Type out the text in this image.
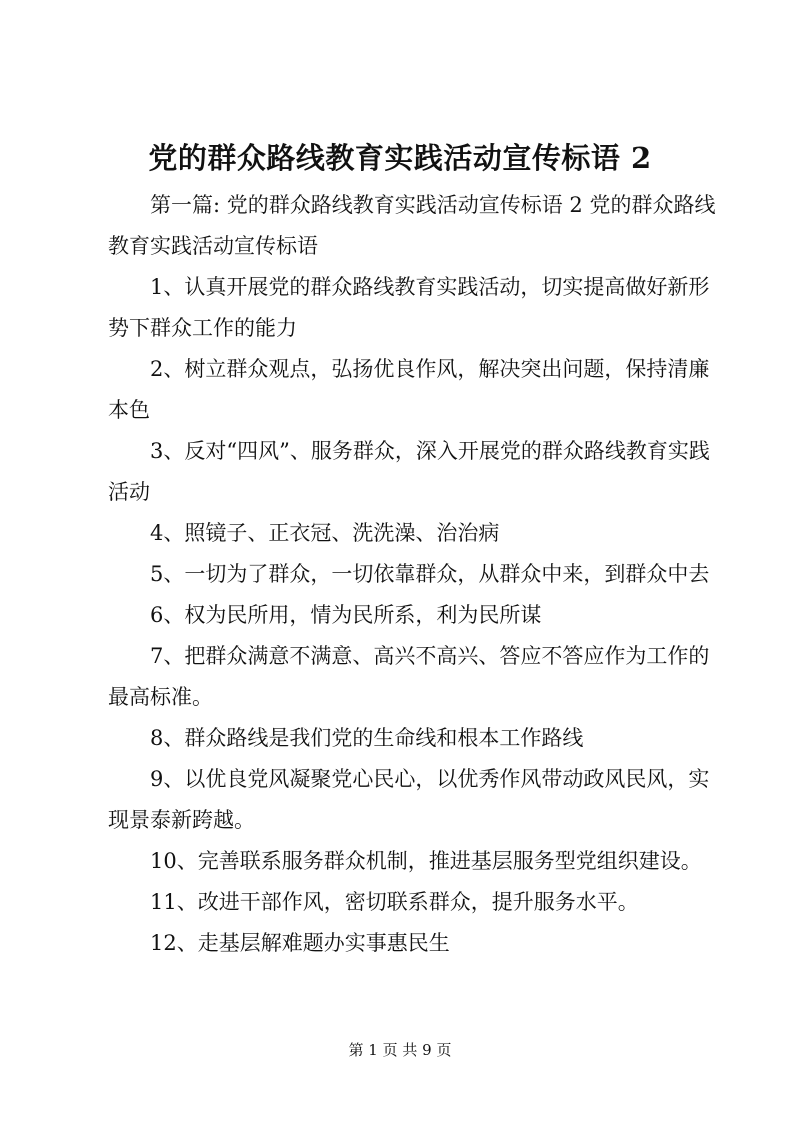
党的群众路线教育实践活动宣传标语 2

第一篇: 党的群众路线教育实践活动宣传标语 2 党的群众路线教育实践活动宣传标语

1、认真开展党的群众路线教育实践活动，切实提高做好新形势下群众工作的能力

2、树立群众观点，弘扬优良作风，解决突出问题，保持清廉本色

3、反对“四风”、服务群众，深入开展党的群众路线教育实践活动

4、照镜子、正衣冠、洗洗澡、治治病

5、一切为了群众，一切依靠群众，从群众中来，到群众中去

6、权为民所用，情为民所系，利为民所谋

7、把群众满意不满意、高兴不高兴、答应不答应作为工作的最高标准。

8、群众路线是我们党的生命线和根本工作路线

9、以优良党风凝聚党心民心，以优秀作风带动政风民风，实现景泰新跨越。

10、完善联系服务群众机制，推进基层服务型党组织建设。

11、改进干部作风，密切联系群众，提升服务水平。

12、走基层解难题办实事惠民生

第 1 页 共 9 页
